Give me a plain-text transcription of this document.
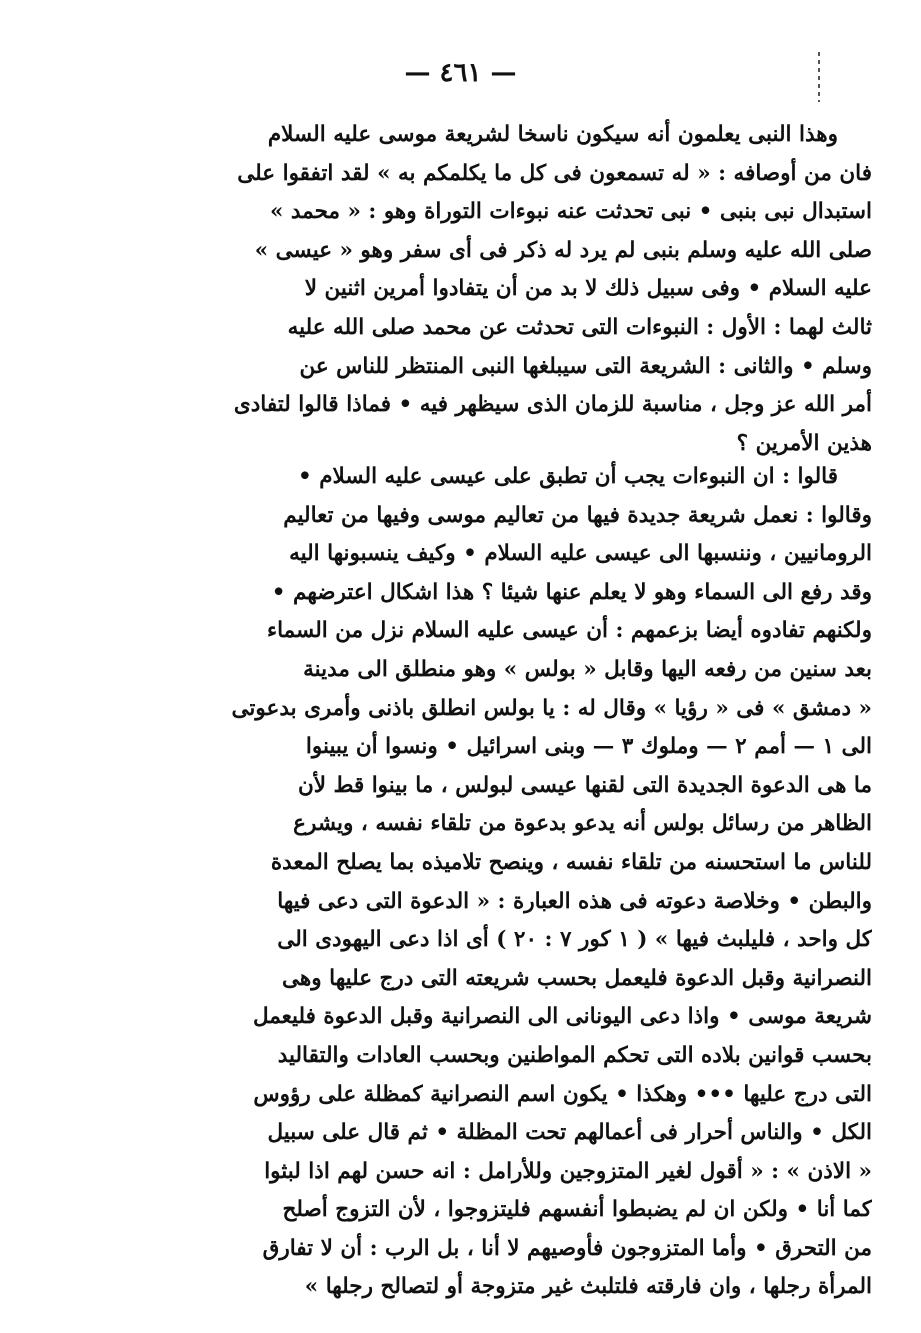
— ٤٦١ —
وهذا النبى يعلمون أنه سيكون ناسخا لشريعة موسى عليه السلام
فان من أوصافه : « له تسمعون فى كل ما يكلمكم به » لقد اتفقوا على
استبدال نبى بنبى • نبى تحدثت عنه نبوءات التوراة وهو : « محمد »
صلى الله عليه وسلم بنبى لم يرد له ذكر فى أى سفر وهو « عيسى »
عليه السلام • وفى سبيل ذلك لا بد من أن يتفادوا أمرين اثنين لا
ثالث لهما : الأول : النبوءات التى تحدثت عن محمد صلى الله عليه
وسلم • والثانى : الشريعة التى سيبلغها النبى المنتظر للناس عن
أمر الله عز وجل ، مناسبة للزمان الذى سيظهر فيه • فماذا قالوا لتفادى
هذين الأمرين ؟
قالوا : ان النبوءات يجب أن تطبق على عيسى عليه السلام •
وقالوا : نعمل شريعة جديدة فيها من تعاليم موسى وفيها من تعاليم
الرومانيين ، وننسبها الى عيسى عليه السلام • وكيف ينسبونها اليه
وقد رفع الى السماء وهو لا يعلم عنها شيئا ؟ هذا اشكال اعترضهم •
ولكنهم تفادوه أيضا بزعمهم : أن عيسى عليه السلام نزل من السماء
بعد سنين من رفعه اليها وقابل « بولس » وهو منطلق الى مدينة
« دمشق » فى « رؤيا » وقال له : يا بولس انطلق باذنى وأمرى بدعوتى
الى ١ — أمم ٢ — وملوك ٣ — وبنى اسرائيل • ونسوا أن يبينوا
ما هى الدعوة الجديدة التى لقنها عيسى لبولس ، ما بينوا قط لأن
الظاهر من رسائل بولس أنه يدعو بدعوة من تلقاء نفسه ، ويشرع
للناس ما استحسنه من تلقاء نفسه ، وينصح تلاميذه بما يصلح المعدة
والبطن • وخلاصة دعوته فى هذه العبارة : « الدعوة التى دعى فيها
كل واحد ، فليلبث فيها » ( ١ كور ٧ : ٢٠ ) أى اذا دعى اليهودى الى
النصرانية وقبل الدعوة فليعمل بحسب شريعته التى درج عليها وهى
شريعة موسى • واذا دعى اليونانى الى النصرانية وقبل الدعوة فليعمل
بحسب قوانين بلاده التى تحكم المواطنين وبحسب العادات والتقاليد
التى درج عليها ••• وهكذا • يكون اسم النصرانية كمظلة على رؤوس
الكل • والناس أحرار فى أعمالهم تحت المظلة • ثم قال على سبيل
« الاذن » : « أقول لغير المتزوجين وللأرامل : انه حسن لهم اذا لبثوا
كما أنا • ولكن ان لم يضبطوا أنفسهم فليتزوجوا ، لأن التزوج أصلح
من التحرق • وأما المتزوجون فأوصيهم لا أنا ، بل الرب : أن لا تفارق
المرأة رجلها ، وان فارقته فلتلبث غير متزوجة أو لتصالح رجلها »
